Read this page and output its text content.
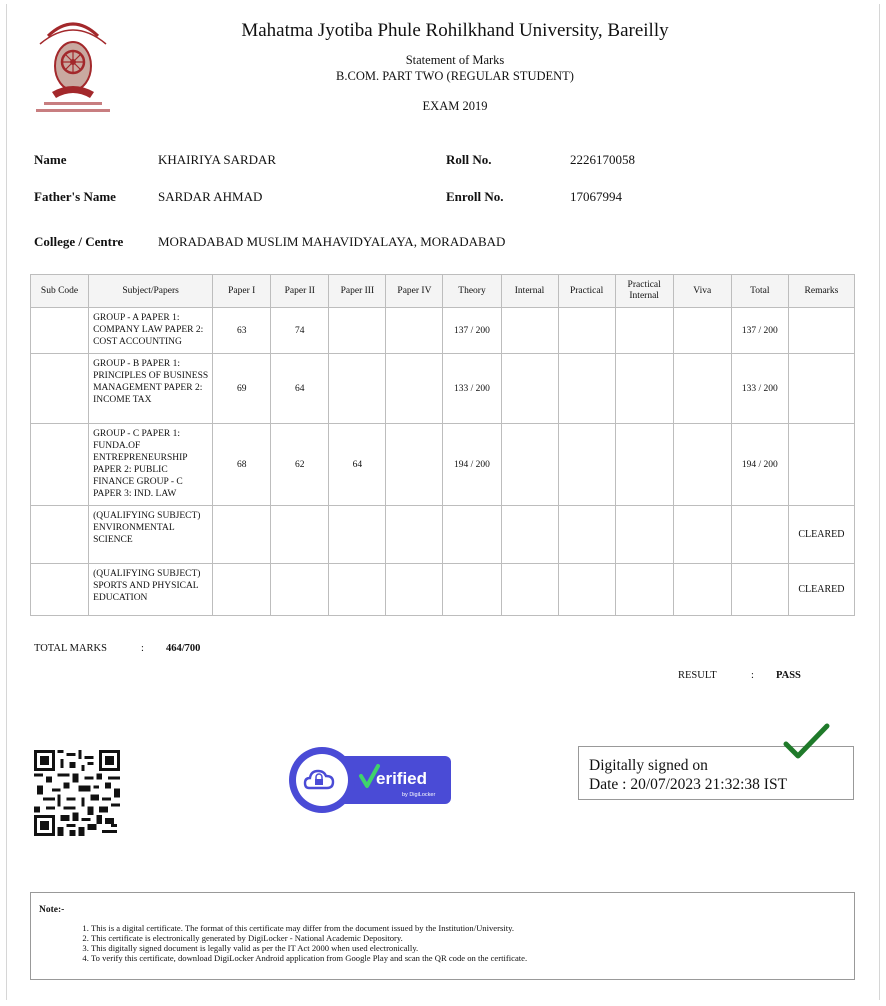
Mahatma Jyotiba Phule Rohilkhand University, Bareilly
Statement of Marks
B.COM. PART TWO (REGULAR STUDENT)
EXAM 2019
Name	KHAIRIYA SARDAR	Roll No.	2226170058
Father's Name	SARDAR AHMAD	Enroll No.	17067994
College / Centre	MORADABAD MUSLIM MAHAVIDYALAYA, MORADABAD
Sub Code	Subject/Papers	Paper I	Paper II	Paper III	Paper IV	Theory	Internal	Practical	Practical Internal	Viva	Total	Remarks
	GROUP - A PAPER 1: COMPANY LAW PAPER 2: COST ACCOUNTING	63	74			137 / 200					137 / 200	
	GROUP - B PAPER 1: PRINCIPLES OF BUSINESS MANAGEMENT PAPER 2: INCOME TAX	69	64			133 / 200					133 / 200	
	GROUP - C PAPER 1: FUNDA.OF ENTREPRENEURSHIP PAPER 2: PUBLIC FINANCE GROUP - C PAPER 3: IND. LAW	68	62	64		194 / 200					194 / 200	
	(QUALIFYING SUBJECT) ENVIRONMENTAL SCIENCE											CLEARED
	(QUALIFYING SUBJECT) SPORTS AND PHYSICAL EDUCATION											CLEARED
TOTAL MARKS	: 464/700
RESULT	: PASS
erified
by DigiLocker
Digitally signed on
Date : 20/07/2023 21:32:38 IST
Note:-
1. This is a digital certificate. The format of this certificate may differ from the document issued by the Institution/University.
2. This certificate is electronically generated by DigiLocker - National Academic Depository.
3. This digitally signed document is legally valid as per the IT Act 2000 when used electronically.
4. To verify this certificate, download DigiLocker Android application from Google Play and scan the QR code on the certificate.
